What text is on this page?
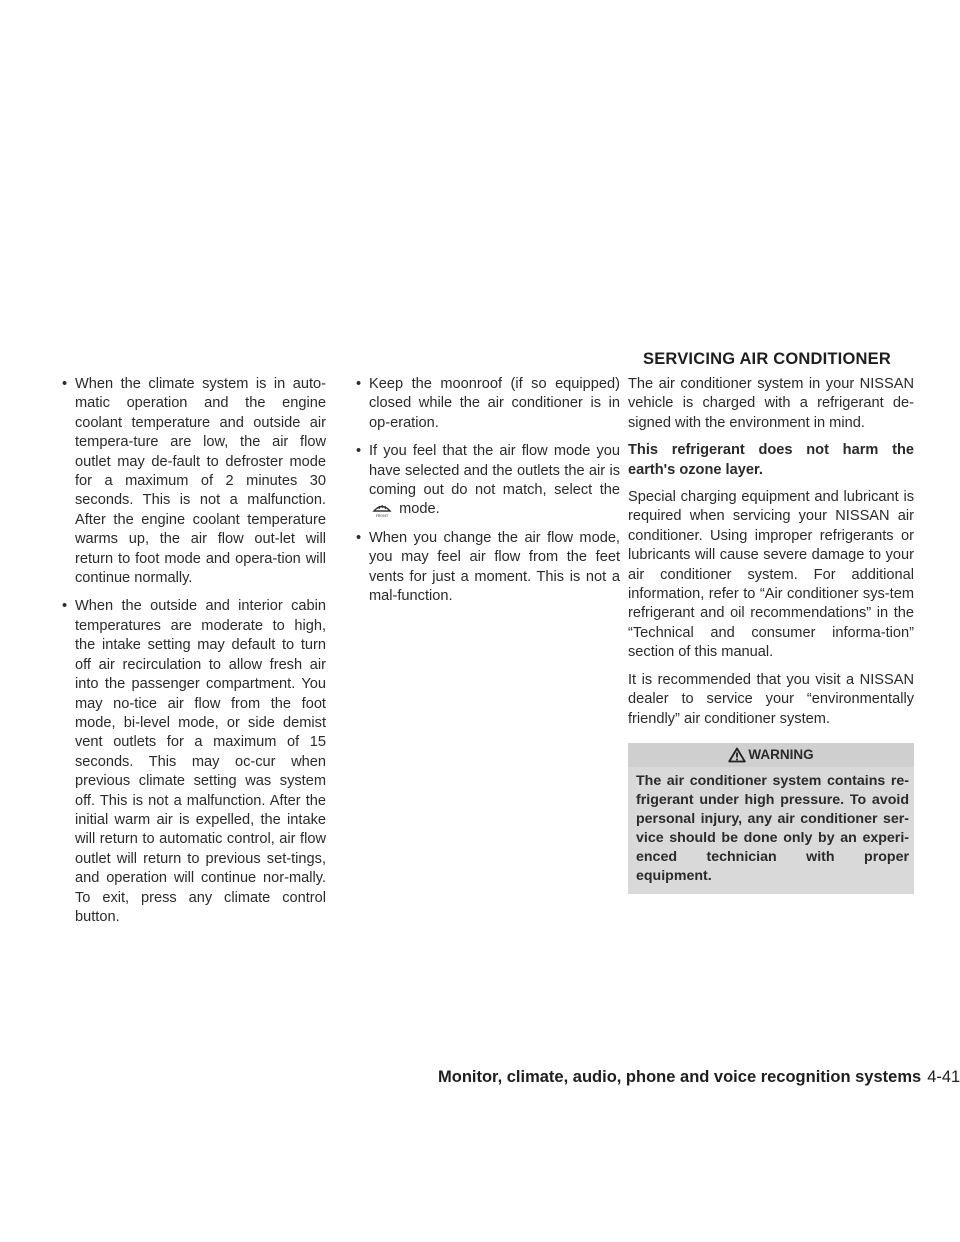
SERVICING AIR CONDITIONER
• When the climate system is in auto-matic operation and the engine coolant temperature and outside air tempera-ture are low, the air flow outlet may de-fault to defroster mode for a maximum of 2 minutes 30 seconds. This is not a malfunction. After the engine coolant temperature warms up, the air flow out-let will return to foot mode and opera-tion will continue normally.
• When the outside and interior cabin temperatures are moderate to high, the intake setting may default to turn off air recirculation to allow fresh air into the passenger compartment. You may no-tice air flow from the foot mode, bi-level mode, or side demist vent outlets for a maximum of 15 seconds. This may oc-cur when previous climate setting was system off. This is not a malfunction. After the initial warm air is expelled, the intake will return to automatic control, air flow outlet will return to previous set-tings, and operation will continue nor-mally. To exit, press any climate control button.
• Keep the moonroof (if so equipped) closed while the air conditioner is in op-eration.
• If you feel that the air flow mode you have selected and the outlets the air is coming out do not match, select the
FRONT mode.
• When you change the air flow mode, you may feel air flow from the feet vents for just a moment. This is not a mal-function.

The air conditioner system in your NISSAN vehicle is charged with a refrigerant de-signed with the environment in mind.

This refrigerant does not harm the earth's ozone layer.

Special charging equipment and lubricant is required when servicing your NISSAN air conditioner. Using improper refrigerants or lubricants will cause severe damage to your air conditioner system. For additional information, refer to “Air conditioner sys-tem refrigerant and oil recommendations” in the “Technical and consumer informa-tion” section of this manual.

It is recommended that you visit a NISSAN dealer to service your “environmentally friendly” air conditioner system.

WARNING
The air conditioner system contains re-frigerant under high pressure. To avoid personal injury, any air conditioner ser-vice should be done only by an experi-enced technician with proper equipment.
Monitor, climate, audio, phone and voice recognition systems 4-41
